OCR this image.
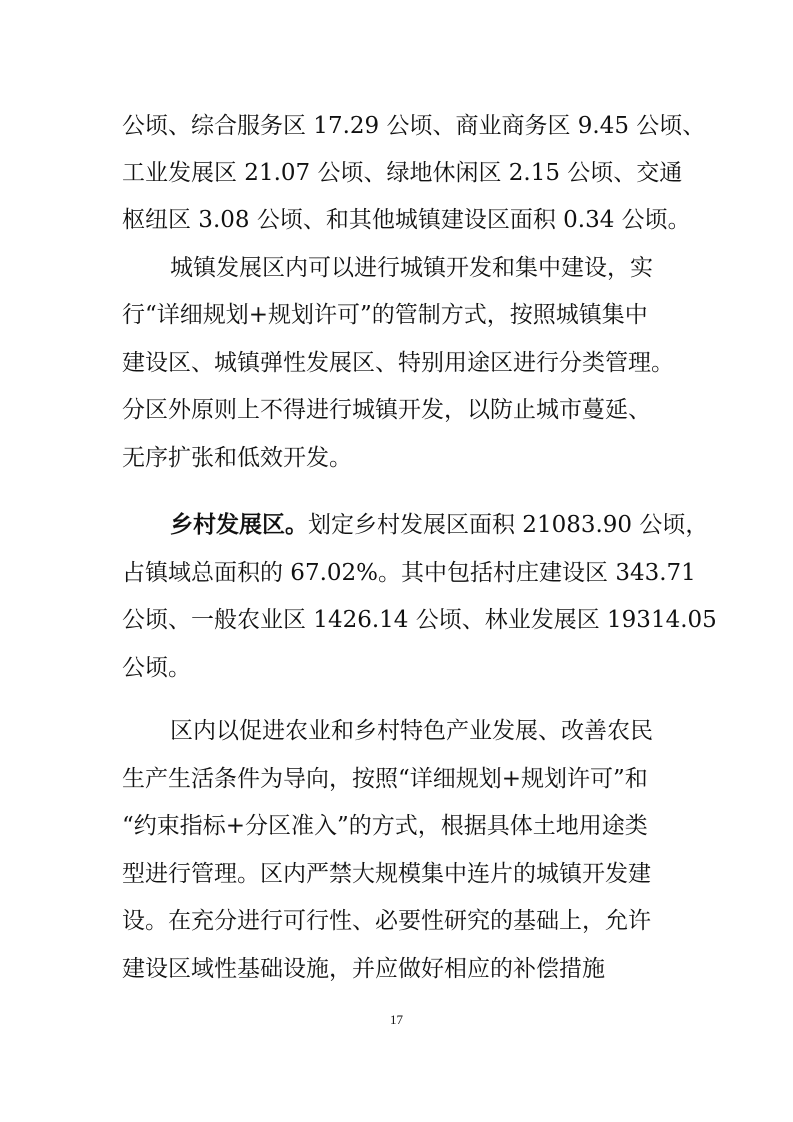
公顷、综合服务区 17.29 公顷、商业商务区 9.45 公顷、
工业发展区 21.07 公顷、绿地休闲区 2.15 公顷、交通
枢纽区 3.08 公顷、和其他城镇建设区面积 0.34 公顷。
城镇发展区内可以进行城镇开发和集中建设，实
行“详细规划+规划许可”的管制方式，按照城镇集中
建设区、城镇弹性发展区、特别用途区进行分类管理。
分区外原则上不得进行城镇开发，以防止城市蔓延、
无序扩张和低效开发。
乡村发展区。划定乡村发展区面积 21083.90 公顷，
占镇域总面积的 67.02%。其中包括村庄建设区 343.71
公顷、一般农业区 1426.14 公顷、林业发展区 19314.05
公顷。
区内以促进农业和乡村特色产业发展、改善农民
生产生活条件为导向，按照“详细规划+规划许可”和
“约束指标+分区准入”的方式，根据具体土地用途类
型进行管理。区内严禁大规模集中连片的城镇开发建
设。在充分进行可行性、必要性研究的基础上，允许
建设区域性基础设施，并应做好相应的补偿措施
17
